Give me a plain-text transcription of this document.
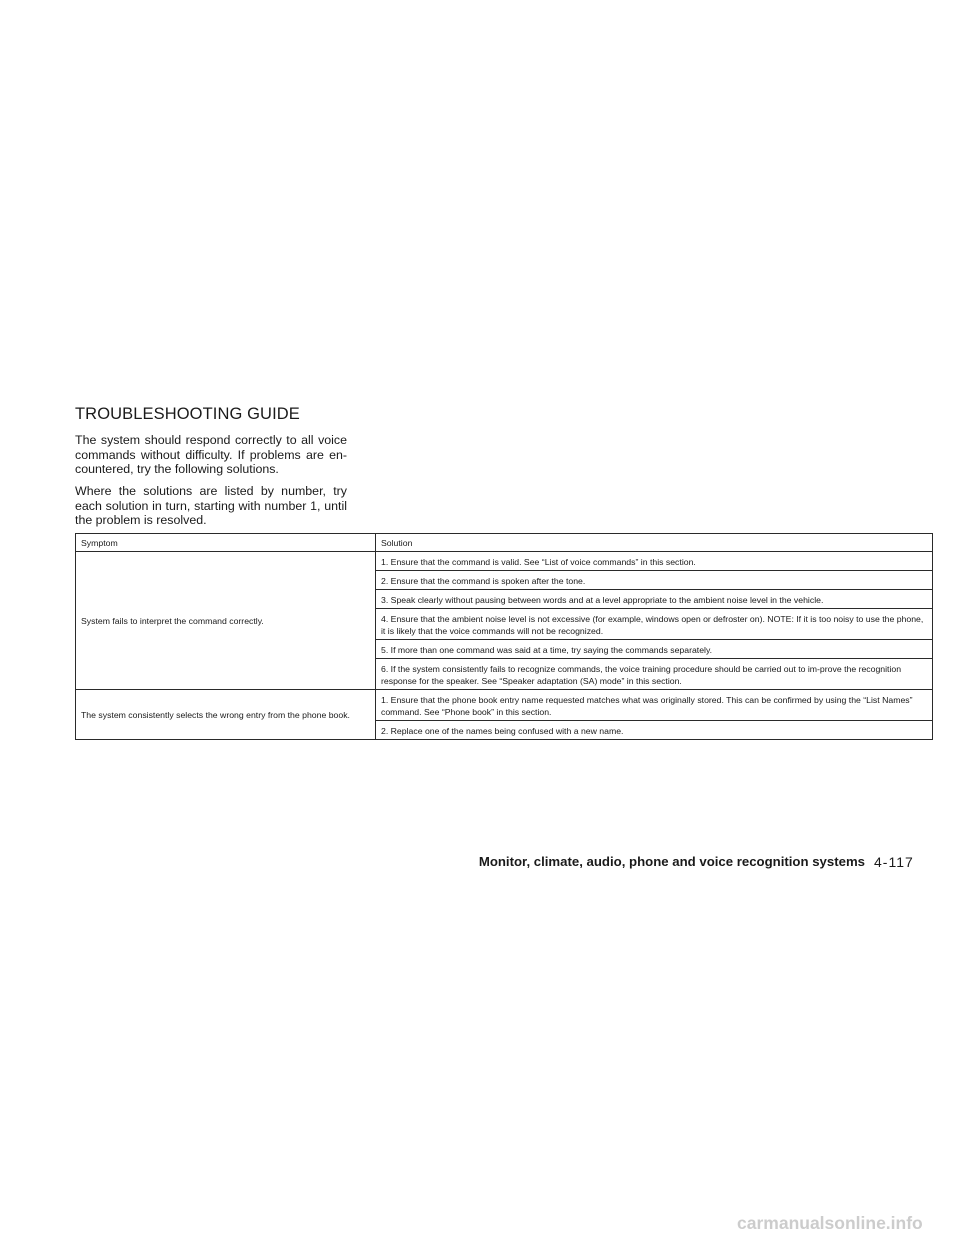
TROUBLESHOOTING GUIDE

The system should respond correctly to all voice commands without difficulty. If problems are en-countered, try the following solutions.

Where the solutions are listed by number, try each solution in turn, starting with number 1, until the problem is resolved.

Symptom	Solution
System fails to interpret the command correctly.	1. Ensure that the command is valid. See “List of voice commands” in this section.
	2. Ensure that the command is spoken after the tone.
	3. Speak clearly without pausing between words and at a level appropriate to the ambient noise level in the vehicle.
	4. Ensure that the ambient noise level is not excessive (for example, windows open or defroster on). NOTE: If it is too noisy to use the phone, it is likely that the voice commands will not be recognized.
	5. If more than one command was said at a time, try saying the commands separately.
	6. If the system consistently fails to recognize commands, the voice training procedure should be carried out to im-prove the recognition response for the speaker. See “Speaker adaptation (SA) mode” in this section.
The system consistently selects the wrong entry from the phone book.	1. Ensure that the phone book entry name requested matches what was originally stored. This can be confirmed by using the “List Names” command. See “Phone book” in this section.
	2. Replace one of the names being confused with a new name.
Monitor, climate, audio, phone and voice recognition systems 4-117
carmanualsonline.info
